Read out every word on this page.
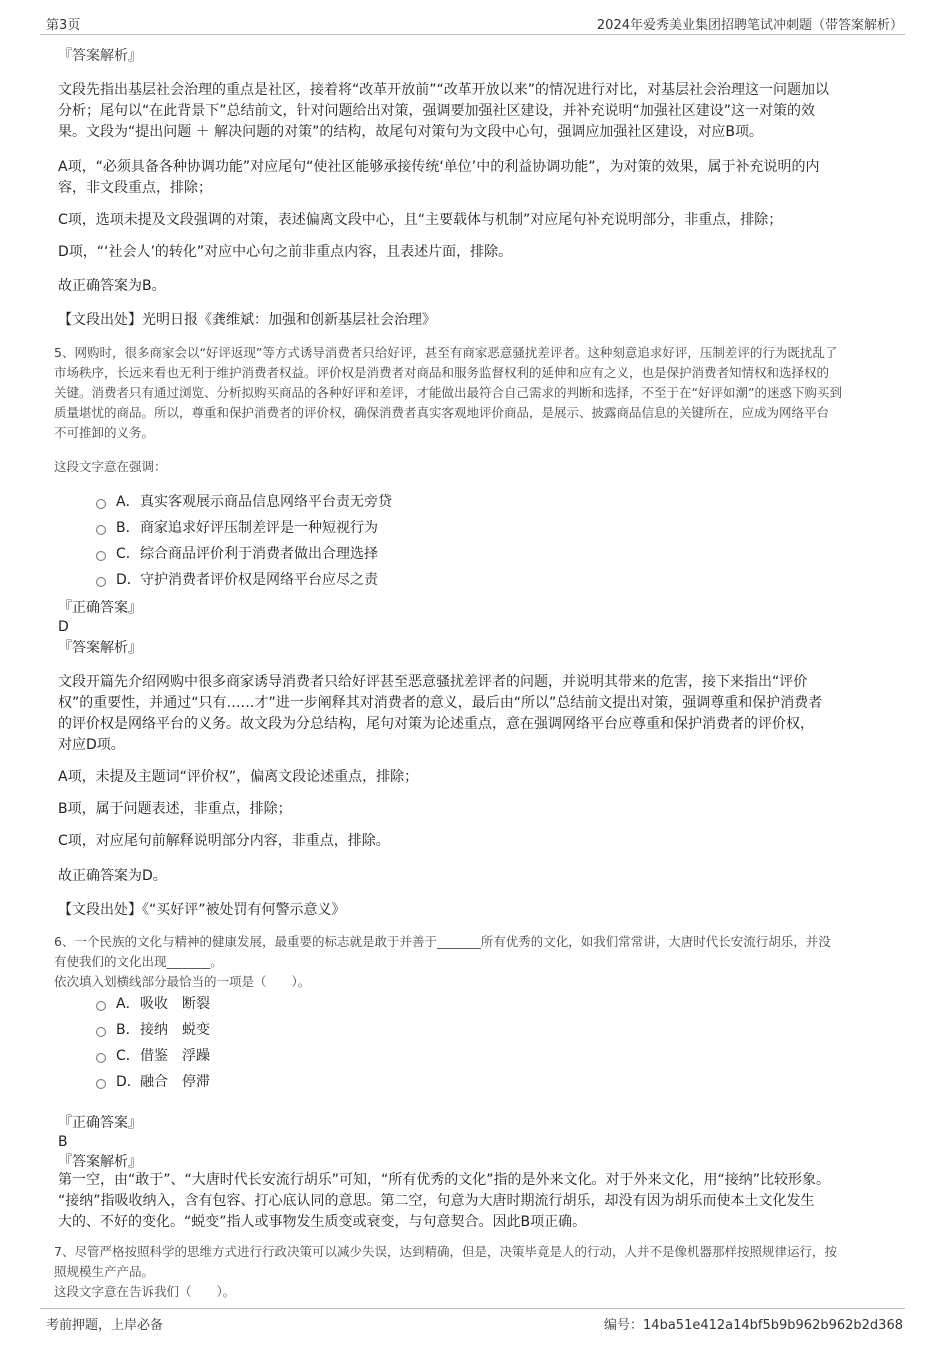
第3页	2024年爱秀美业集团招聘笔试冲刺题（带答案解析）
『答案解析』
文段先指出基层社会治理的重点是社区，接着将“改革开放前”“改革开放以来”的情况进行对比，对基层社会治理这一问题加以
分析；尾句以“在此背景下”总结前文，针对问题给出对策，强调要加强社区建设，并补充说明“加强社区建设”这一对策的效
果。文段为“提出问题 ＋ 解决问题的对策”的结构，故尾句对策句为文段中心句，强调应加强社区建设，对应B项。
A项，“必须具备各种协调功能”对应尾句“使社区能够承接传统‘单位’中的利益协调功能”，为对策的效果，属于补充说明的内
容，非文段重点，排除；
C项，选项未提及文段强调的对策，表述偏离文段中心，且“主要载体与机制”对应尾句补充说明部分，非重点，排除；
D项，“‘社会人’的转化”对应中心句之前非重点内容，且表述片面，排除。
故正确答案为B。
【文段出处】光明日报《龚维斌：加强和创新基层社会治理》
5、网购时，很多商家会以“好评返现”等方式诱导消费者只给好评，甚至有商家恶意骚扰差评者。这种刻意追求好评，压制差评的行为既扰乱了
市场秩序，长远来看也无利于维护消费者权益。评价权是消费者对商品和服务监督权利的延伸和应有之义，也是保护消费者知情权和选择权的
关键。消费者只有通过浏览、分析拟购买商品的各种好评和差评，才能做出最符合自己需求的判断和选择，不至于在“好评如潮”的迷惑下购买到
质量堪忧的商品。所以，尊重和保护消费者的评价权，确保消费者真实客观地评价商品，是展示、披露商品信息的关键所在，应成为网络平台
不可推卸的义务。
这段文字意在强调：
A． 真实客观展示商品信息网络平台责无旁贷
B． 商家追求好评压制差评是一种短视行为
C． 综合商品评价利于消费者做出合理选择
D． 守护消费者评价权是网络平台应尽之责
『正确答案』
D
『答案解析』
文段开篇先介绍网购中很多商家诱导消费者只给好评甚至恶意骚扰差评者的问题，并说明其带来的危害，接下来指出“评价
权”的重要性，并通过“只有……才”进一步阐释其对消费者的意义，最后由“所以”总结前文提出对策，强调尊重和保护消费者
的评价权是网络平台的义务。故文段为分总结构，尾句对策为论述重点，意在强调网络平台应尊重和保护消费者的评价权，
对应D项。
A项，未提及主题词“评价权”，偏离文段论述重点，排除；
B项，属于问题表述，非重点，排除；
C项，对应尾句前解释说明部分内容，非重点，排除。
故正确答案为D。
【文段出处】《“买好评”被处罚有何警示意义》
6、一个民族的文化与精神的健康发展，最重要的标志就是敢于并善于_______所有优秀的文化，如我们常常讲，大唐时代长安流行胡乐，并没
有使我们的文化出现_______。
依次填入划横线部分最恰当的一项是（　　）。
A． 吸收　断裂
B． 接纳　蜕变
C． 借鉴　浮躁
D． 融合　停滞
『正确答案』
B
『答案解析』
第一空，由“敢于”、“大唐时代长安流行胡乐”可知，“所有优秀的文化”指的是外来文化。对于外来文化，用“接纳”比较形象。
“接纳”指吸收纳入，含有包容、打心底认同的意思。第二空，句意为大唐时期流行胡乐，却没有因为胡乐而使本土文化发生
大的、不好的变化。“蜕变”指人或事物发生质变或衰变，与句意契合。因此B项正确。
7、尽管严格按照科学的思维方式进行行政决策可以减少失误，达到精确，但是，决策毕竟是人的行动，人并不是像机器那样按照规律运行，按
照规模生产产品。
这段文字意在告诉我们（　　）。
考前押题，上岸必备	编号：14ba51e412a14bf5b9b962b962b2d368
